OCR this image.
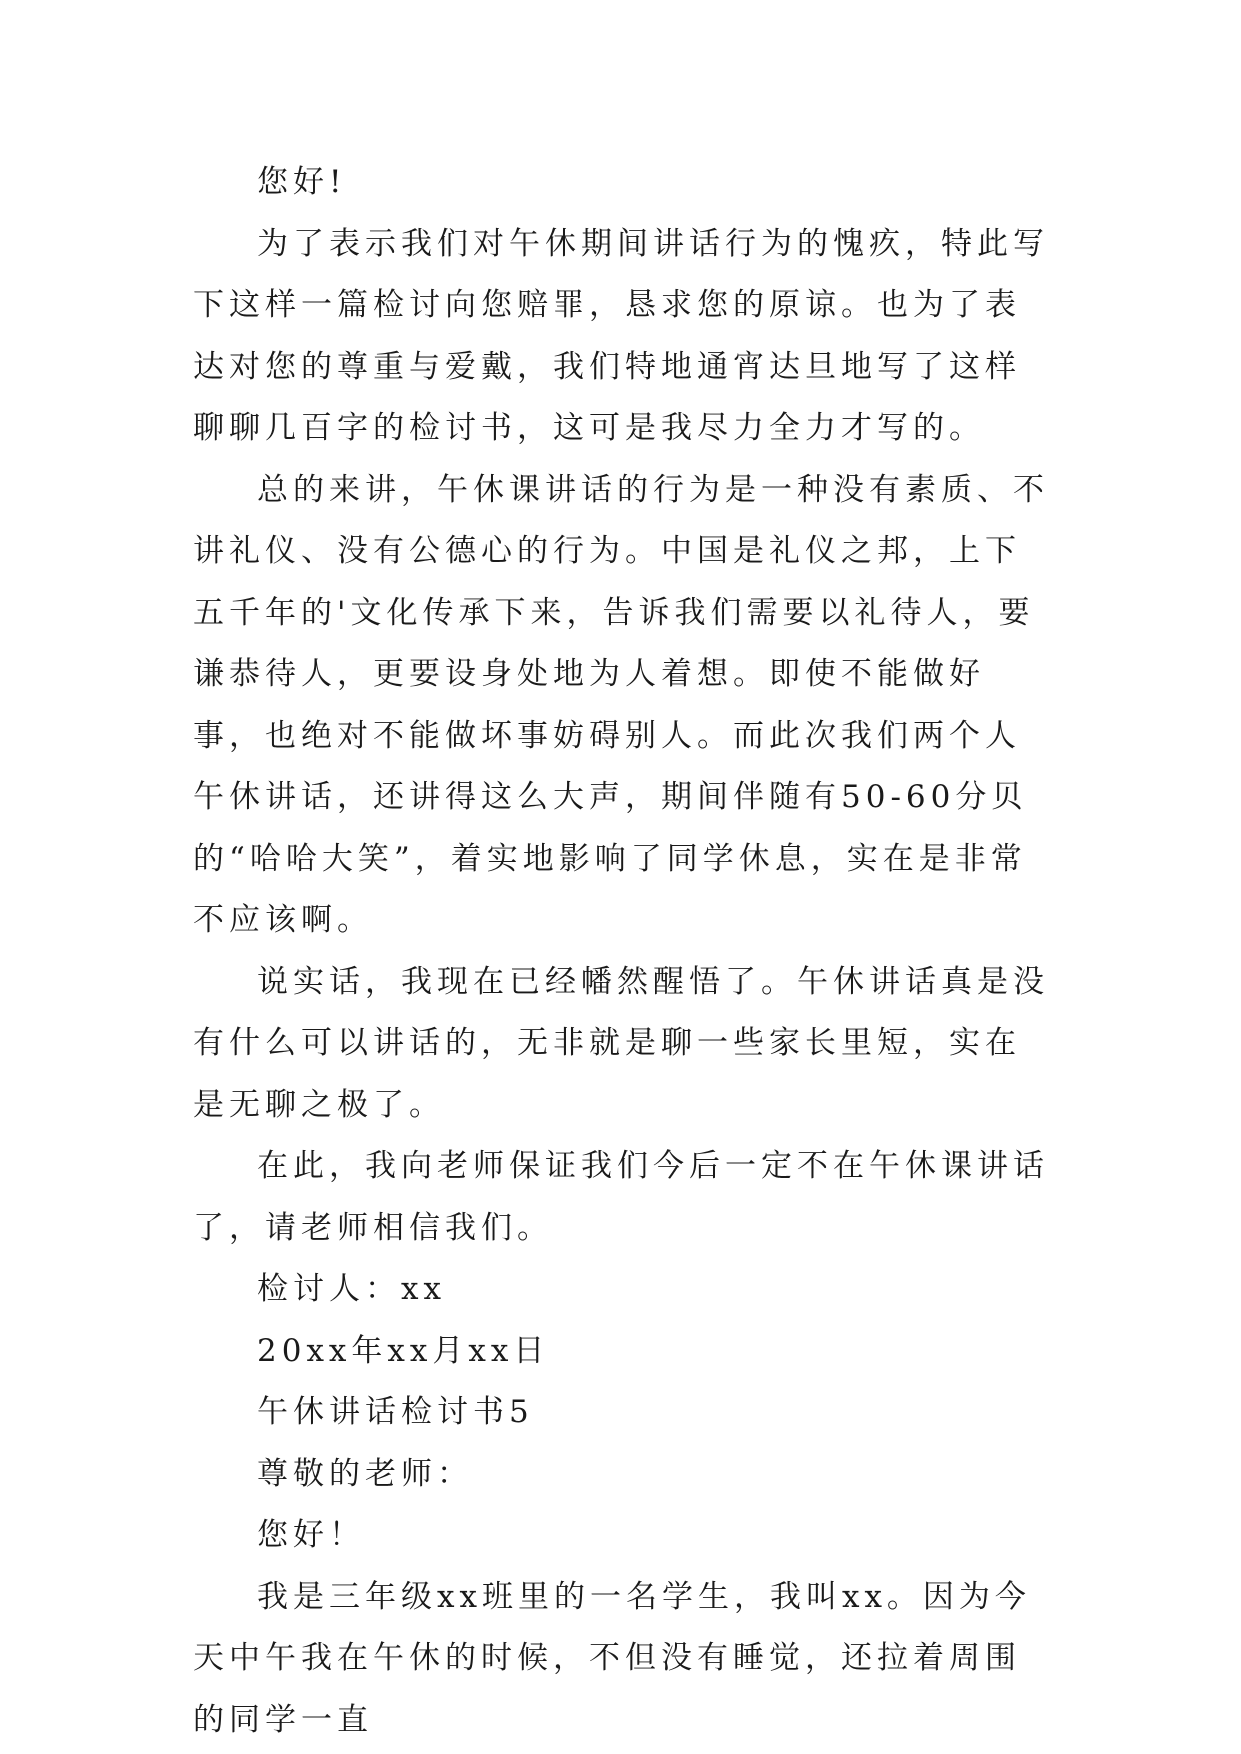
您好!

为了表示我们对午休期间讲话行为的愧疚，特此写下这样一篇检讨向您赔罪，恳求您的原谅。也为了表达对您的尊重与爱戴，我们特地通宵达旦地写了这样聊聊几百字的检讨书，这可是我尽力全力才写的。

总的来讲，午休课讲话的行为是一种没有素质、不讲礼仪、没有公德心的行为。中国是礼仪之邦，上下五千年的'文化传承下来，告诉我们需要以礼待人，要谦恭待人，更要设身处地为人着想。即使不能做好事，也绝对不能做坏事妨碍别人。而此次我们两个人午休讲话，还讲得这么大声，期间伴随有50-60分贝的“哈哈大笑”，着实地影响了同学休息，实在是非常不应该啊。

说实话，我现在已经幡然醒悟了。午休讲话真是没有什么可以讲话的，无非就是聊一些家长里短，实在是无聊之极了。

在此，我向老师保证我们今后一定不在午休课讲话了，请老师相信我们。

检讨人：xx

20xx年xx月xx日

午休讲话检讨书5

尊敬的老师：

您好！

我是三年级xx班里的一名学生，我叫xx。因为今天中午我在午休的时候，不但没有睡觉，还拉着周围的同学一直
